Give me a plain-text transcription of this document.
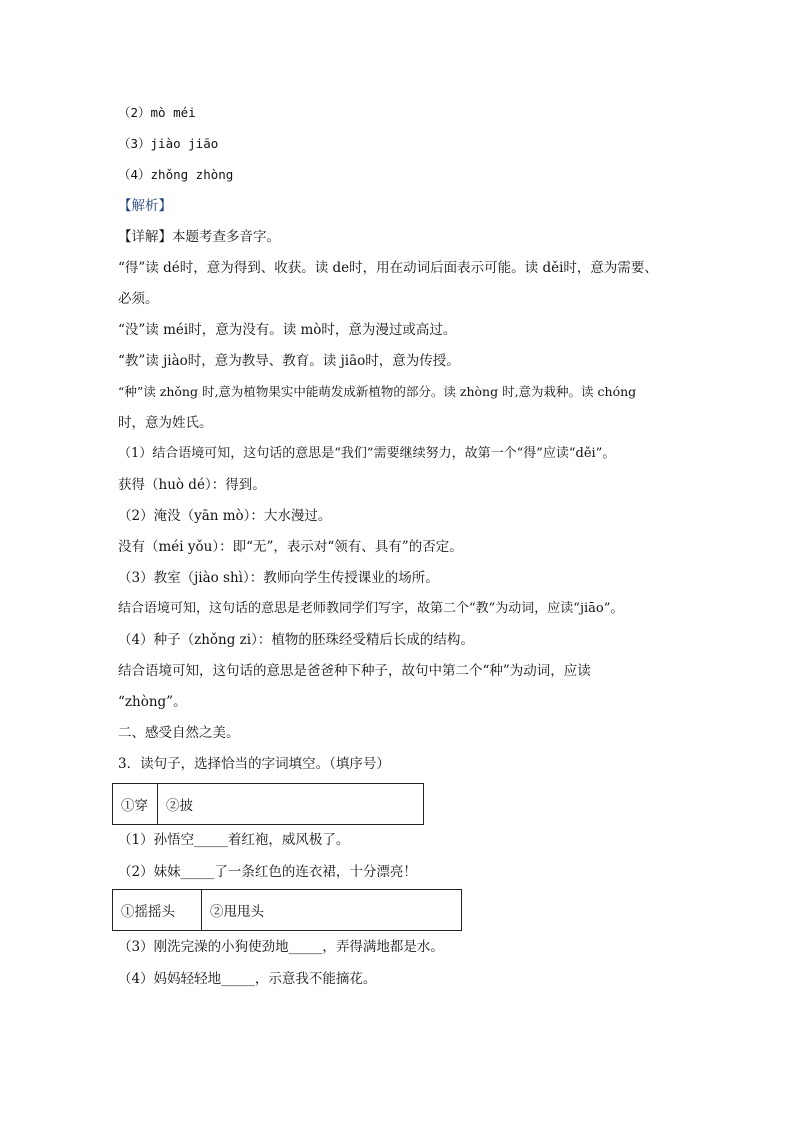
（2）mò méi
（3）jiào jiāo
（4）zhǒng zhòng
【解析】
【详解】本题考查多音字。
“得”读 dé时，意为得到、收获。读 de时，用在动词后面表示可能。读 děi时，意为需要、
必须。
“没”读 méi时，意为没有。读 mò时，意为漫过或高过。
“教”读 jiào时，意为教导、教育。读 jiāo时，意为传授。
“种”读 zhǒng 时,意为植物果实中能萌发成新植物的部分。读 zhòng 时,意为栽种。读 chóng
时，意为姓氏。
（1）结合语境可知，这句话的意思是“我们”需要继续努力，故第一个“得”应读“děi”。
获得（huò dé）：得到。
（2）淹没（yān mò）：大水漫过。
没有（méi yǒu）：即“无”，表示对“领有、具有”的否定。
（3）教室（jiào shì）：教师向学生传授课业的场所。
结合语境可知，这句话的意思是老师教同学们写字，故第二个“教”为动词，应读“jiāo”。
（4）种子（zhǒng zi）：植物的胚珠经受精后长成的结构。
结合语境可知，这句话的意思是爸爸种下种子，故句中第二个“种”为动词，应读
“zhòng”。
二、感受自然之美。
3．读句子，选择恰当的字词填空。（填序号）
①穿	②披
（1）孙悟空_____着红袍，威风极了。
（2）妹妹_____了一条红色的连衣裙，十分漂亮！
①摇摇头	②甩甩头
（3）刚洗完澡的小狗使劲地_____，弄得满地都是水。
（4）妈妈轻轻地_____，示意我不能摘花。
